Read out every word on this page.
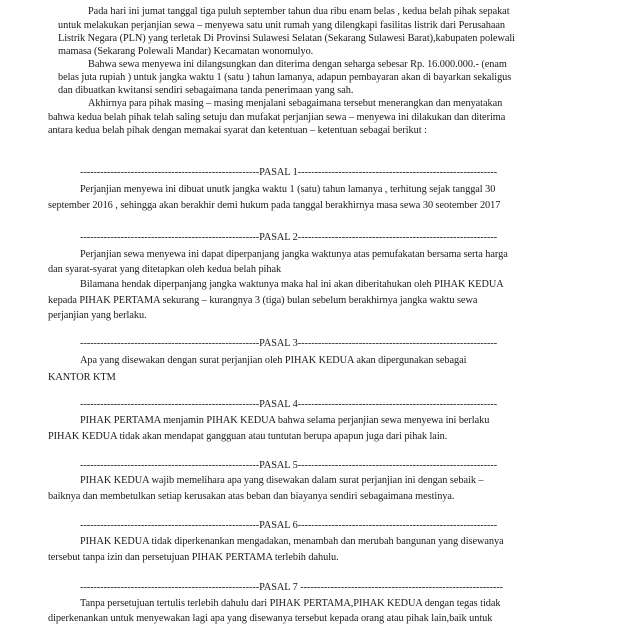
Pada hari ini jumat tanggal tiga puluh september tahun dua ribu enam belas , kedua belah pihak sepakat
untuk melakukan perjanjian sewa – menyewa satu unit rumah yang dilengkapi fasilitas listrik dari Perusahaan
Listrik Negara (PLN) yang terletak Di Provinsi Sulawesi Selatan (Sekarang Sulawesi Barat),kabupaten polewali
mamasa (Sekarang Polewali Mandar) Kecamatan wonomulyo.
Bahwa sewa menyewa ini dilangsungkan dan diterima dengan seharga sebesar Rp. 16.000.000.- (enam
belas juta rupiah ) untuk jangka waktu 1 (satu ) tahun lamanya, adapun pembayaran akan di bayarkan sekaligus
dan dibuatkan kwitansi sendiri sebagaimana tanda penerimaan yang sah.
Akhirnya para pihak masing – masing menjalani sebagaimana tersebut menerangkan dan menyatakan
bahwa kedua belah pihak telah saling setuju dan mufakat perjanjian sewa – menyewa ini dilakukan dan diterima
antara kedua belah pihak dengan memakai syarat dan ketentuan – ketentuan sebagai berikut :
-----------------------------------------------------PASAL 1-----------------------------------------------------------
Perjanjian menyewa ini dibuat unutk jangka waktu 1 (satu) tahun lamanya , terhitung sejak tanggal 30
september 2016 , sehingga akan berakhir demi hukum pada tanggal berakhirnya masa sewa 30 seotember 2017
-----------------------------------------------------PASAL 2-----------------------------------------------------------
Perjanjian sewa menyewa ini dapat diperpanjang jangka waktunya atas pemufakatan bersama serta harga
dan syarat-syarat yang ditetapkan oleh kedua belah pihak
Bilamana hendak diperpanjang jangka waktunya maka hal ini akan diberitahukan oleh PIHAK KEDUA
kepada PIHAK PERTAMA sekurang – kurangnya 3 (tiga) bulan sebelum berakhirnya jangka waktu sewa
perjanjian yang berlaku.
-----------------------------------------------------PASAL 3-----------------------------------------------------------
Apa yang disewakan dengan surat perjanjian oleh PIHAK KEDUA akan dipergunakan sebagai
KANTOR KTM
-----------------------------------------------------PASAL 4-----------------------------------------------------------
PIHAK PERTAMA menjamin PIHAK KEDUA bahwa selama perjanjian sewa menyewa ini berlaku
PIHAK KEDUA tidak akan mendapat gangguan atau tuntutan berupa apapun juga dari pihak lain.
-----------------------------------------------------PASAL 5-----------------------------------------------------------
PIHAK KEDUA wajib memelihara apa yang disewakan dalam surat perjanjian ini dengan sebaik –
baiknya dan membetulkan setiap kerusakan atas beban dan biayanya sendiri sebagaimana mestinya.
-----------------------------------------------------PASAL 6-----------------------------------------------------------
PIHAK KEDUA tidak diperkenankan mengadakan, menambah dan merubah bangunan yang disewanya
tersebut tanpa izin dan persetujuan PIHAK PERTAMA terlebih dahulu.
-----------------------------------------------------PASAL 7 ------------------------------------------------------------
Tanpa persetujuan tertulis terlebih dahulu dari PIHAK PERTAMA,PIHAK KEDUA dengan tegas tidak
diperkenankan untuk menyewakan lagi apa yang disewanya tersebut kepada orang atau pihak lain,baik untuk
